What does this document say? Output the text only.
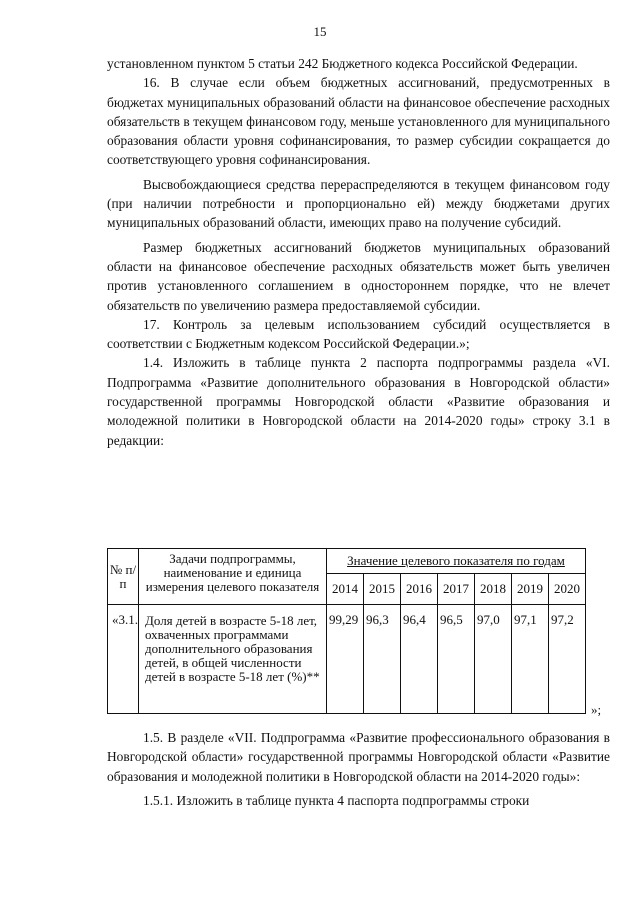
15

установленном пунктом 5 статьи 242 Бюджетного кодекса Российской Федерации.

16. В случае если объем бюджетных ассигнований, предусмотренных в бюджетах муниципальных образований области на финансовое обеспечение расходных обязательств в текущем финансовом году, меньше установленного для муниципального образования области уровня софинансирования, то размер субсидии сокращается до соответствующего уровня софинансирования.

Высвобождающиеся средства перераспределяются в текущем финансовом году (при наличии потребности и пропорционально ей) между бюджетами других муниципальных образований области, имеющих право на получение субсидий.

Размер бюджетных ассигнований бюджетов муниципальных образований области на финансовое обеспечение расходных обязательств может быть увеличен против установленного соглашением в одностороннем порядке, что не влечет обязательств по увеличению размера предоставляемой субсидии.

17. Контроль за целевым использованием субсидий осуществляется в соответствии с Бюджетным кодексом Российской Федерации.»;

1.4. Изложить в таблице пункта 2 паспорта подпрограммы раздела «VI. Подпрограмма «Развитие дополнительного образования в Новгородской области» государственной программы Новгородской области «Развитие образования и молодежной политики в Новгородской области на 2014-2020 годы» строку 3.1 в редакции:

№ п/п	Задачи подпрограммы, наименование и единица измерения целевого показателя	Значение целевого показателя по годам						
		2014	2015	2016	2017	2018	2019	2020
«3.1.	Доля детей в возрасте 5-18 лет, охваченных программами дополнительного образования детей, в общей численности детей в возрасте 5-18 лет (%)**	99,29	96,3	96,4	96,5	97,0	97,1	97,2
»;

1.5. В разделе «VII. Подпрограмма «Развитие профессионального образования в Новгородской области» государственной программы Новгородской области «Развитие образования и молодежной политики в Новгородской области на 2014-2020 годы»:

1.5.1. Изложить в таблице пункта 4 паспорта подпрограммы строки
